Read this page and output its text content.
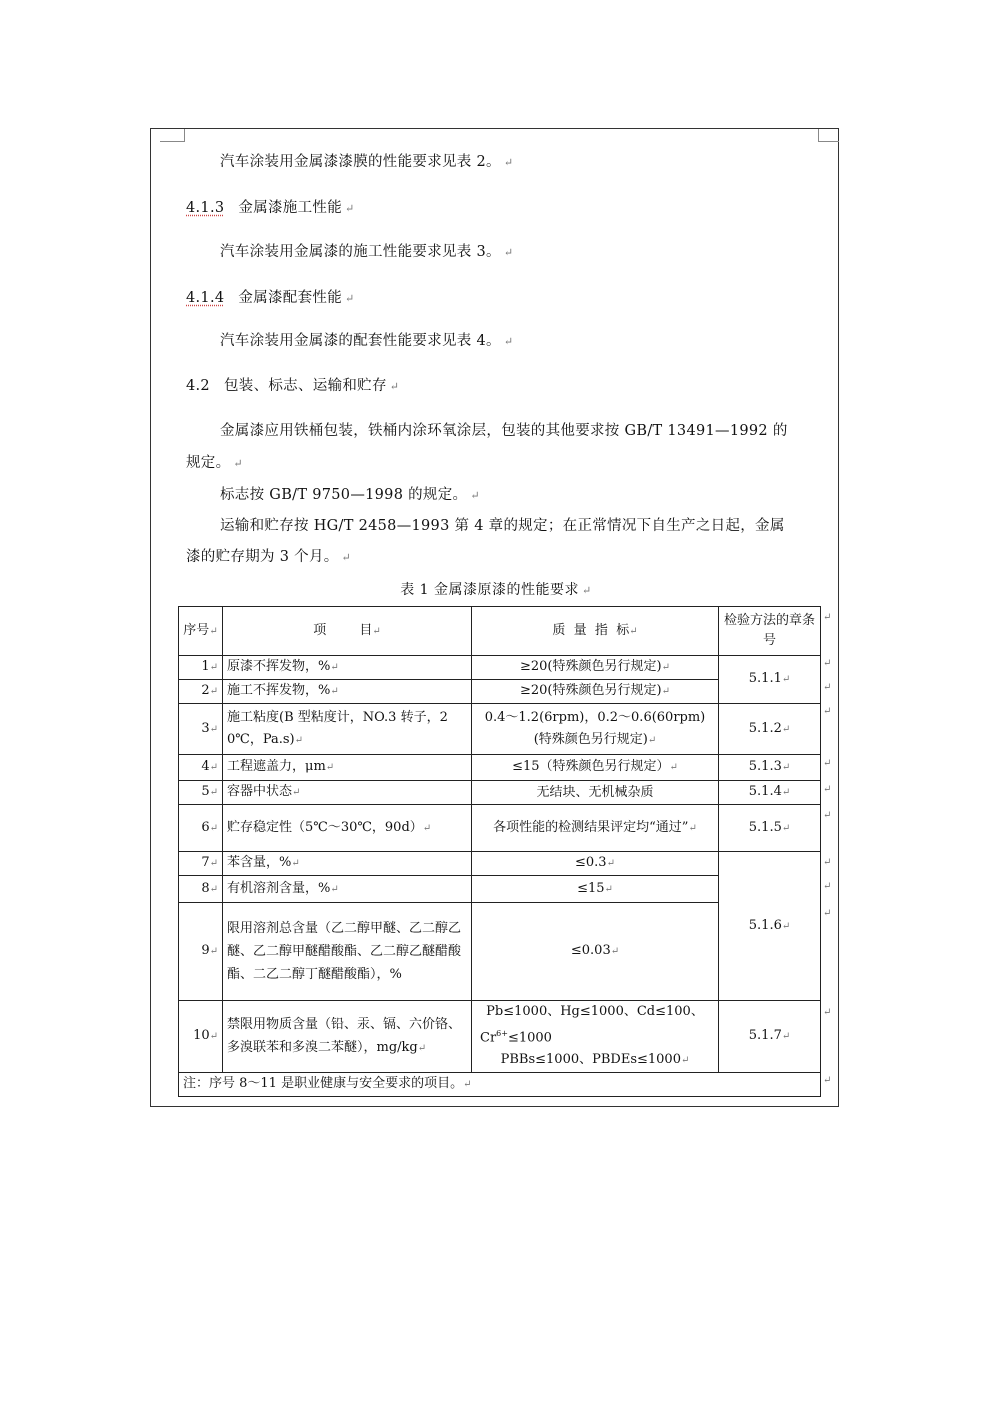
汽车涂装用金属漆漆膜的性能要求见表 2。 ↵
4.1.3 金属漆施工性能 ↵
汽车涂装用金属漆的施工性能要求见表 3。 ↵
4.1.4 金属漆配套性能 ↵
汽车涂装用金属漆的配套性能要求见表 4。 ↵
4.2 包装、标志、运输和贮存 ↵
金属漆应用铁桶包装，铁桶内涂环氧涂层，包装的其他要求按 GB/T 13491—1992 的
规定。 ↵
标志按 GB/T 9750—1998 的规定。 ↵
运输和贮存按 HG/T 2458—1993 第 4 章的规定；在正常情况下自生产之日起，金属
漆的贮存期为 3 个月。 ↵
表 1 金属漆原漆的性能要求 ↵
序号↵	项        目↵	质  量  指  标↵	检验方法的章条号
1↵	原漆不挥发物，%↵	≥20(特殊颜色另行规定)↵	5.1.1↵
2↵	施工不挥发物，%↵	≥20(特殊颜色另行规定)↵	
3↵	施工粘度(B 型粘度计，NO.3 转子，20℃，Pa.s)↵	0.4～1.2(6rpm)，0.2～0.6(60rpm)(特殊颜色另行规定)↵	5.1.2↵
4↵	工程遮盖力，μm↵	≤15（特殊颜色另行规定）↵	5.1.3↵
5↵	容器中状态↵	无结块、无机械杂质	5.1.4↵
6↵	贮存稳定性（5℃～30℃，90d）↵	各项性能的检测结果评定均“通过”↵	5.1.5↵
7↵	苯含量，%↵	≤0.3↵	5.1.6↵
8↵	有机溶剂含量，%↵	≤15↵	
9↵	限用溶剂总含量（乙二醇甲醚、乙二醇乙醚、乙二醇甲醚醋酸酯、乙二醇乙醚醋酸酯、二乙二醇丁醚醋酸酯），%	≤0.03↵	
10↵	禁限用物质含量（铅、汞、镉、六价铬、多溴联苯和多溴二苯醚），mg/kg↵	Pb≤1000、Hg≤1000、Cd≤100、
$Cr^{6+}\le 1000$
PBBs≤1000、PBDEs≤1000↵	5.1.7↵
注：序号 8～11 是职业健康与安全要求的项目。↵			
↵
↵
↵
↵
↵
↵
↵
↵
↵
↵
↵
↵
